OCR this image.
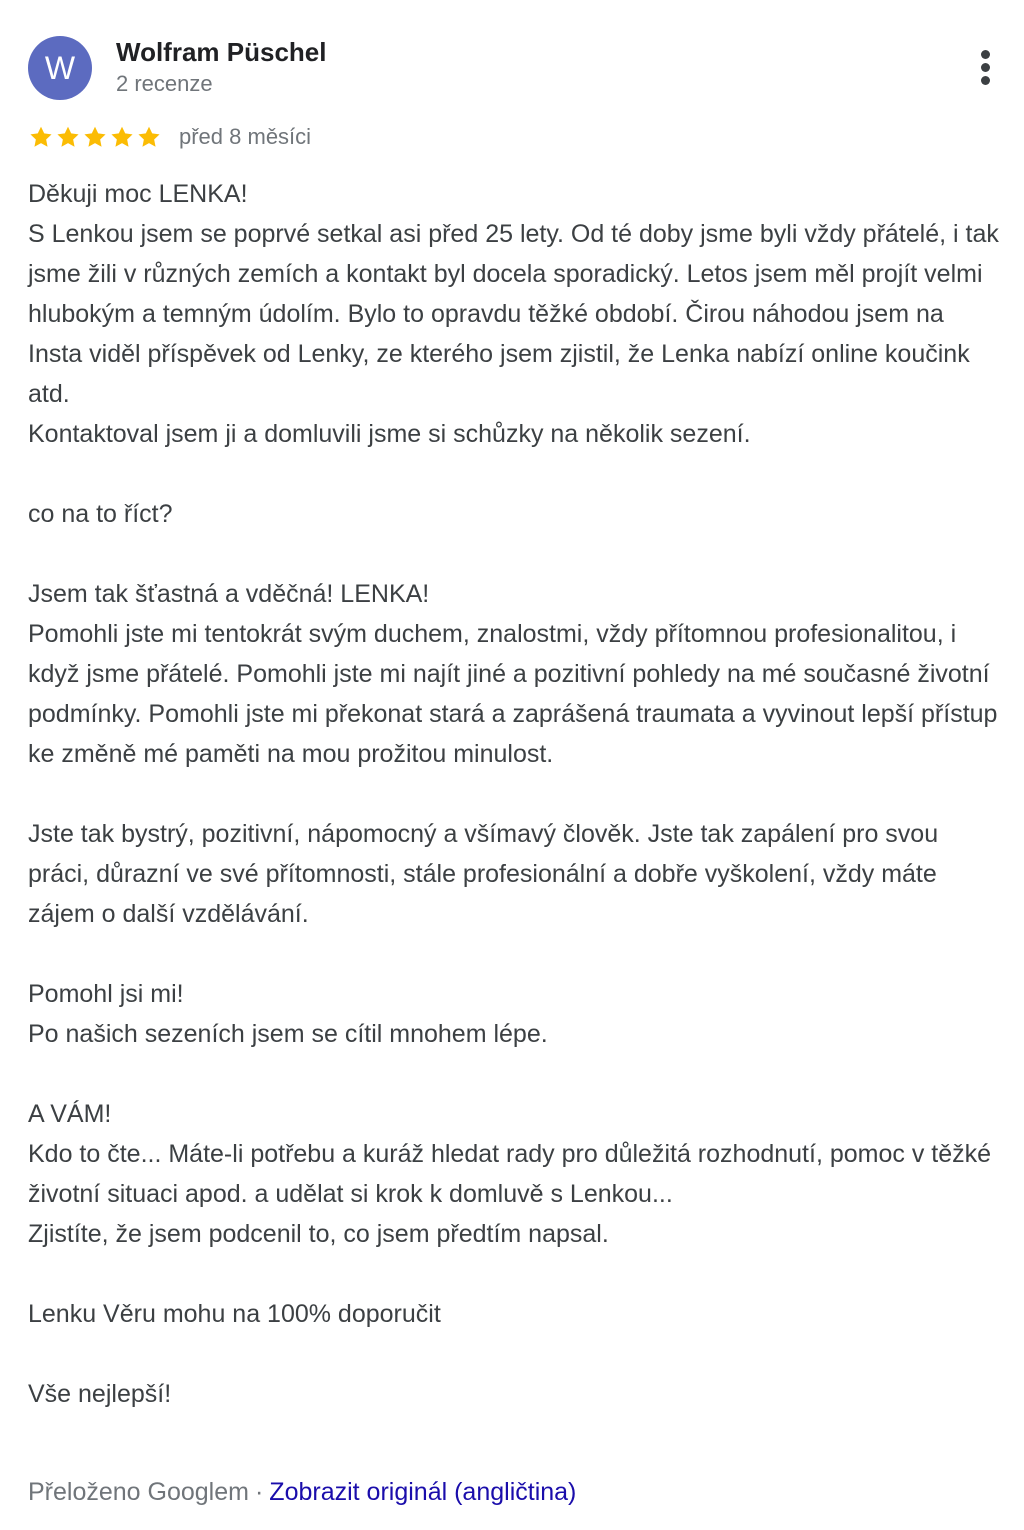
W	Wolfram Püschel
2 recenze
před 8 měsíci

Děkuji moc LENKA!

S Lenkou jsem se poprvé setkal asi před 25 lety. Od té doby jsme byli vždy přátelé, i tak jsme žili v různých zemích a kontakt byl docela sporadický. Letos jsem měl projít velmi hlubokým a temným údolím. Bylo to opravdu těžké období. Čirou náhodou jsem na Insta viděl příspěvek od Lenky, ze kterého jsem zjistil, že Lenka nabízí online koučink atd.

Kontaktoval jsem ji a domluvili jsme si schůzky na několik sezení.

co na to říct?

Jsem tak šťastná a vděčná! LENKA!

Pomohli jste mi tentokrát svým duchem, znalostmi, vždy přítomnou profesionalitou, i když jsme přátelé. Pomohli jste mi najít jiné a pozitivní pohledy na mé současné životní podmínky. Pomohli jste mi překonat stará a zaprášená traumata a vyvinout lepší přístup ke změně mé paměti na mou prožitou minulost.

Jste tak bystrý, pozitivní, nápomocný a všímavý člověk. Jste tak zapálení pro svou práci, důrazní ve své přítomnosti, stále profesionální a dobře vyškolení, vždy máte zájem o další vzdělávání.

Pomohl jsi mi!

Po našich sezeních jsem se cítil mnohem lépe.

A VÁM!

Kdo to čte... Máte-li potřebu a kuráž hledat rady pro důležitá rozhodnutí, pomoc v těžké životní situaci apod. a udělat si krok k domluvě s Lenkou...

Zjistíte, že jsem podcenil to, co jsem předtím napsal.

Lenku Věru mohu na 100% doporučit

Vše nejlepší!

Přeloženo Googlem · Zobrazit originál (angličtina)
